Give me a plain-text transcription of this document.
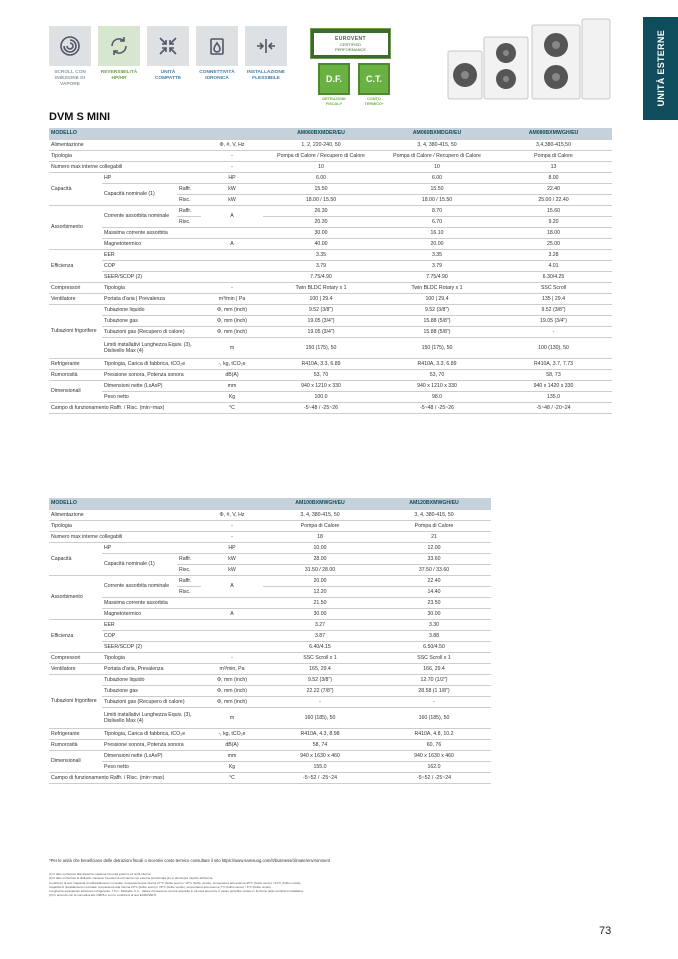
UNITÀ ESTERNE
SCROLL CON INIEZIONE DI VAPORE
REVERSIBILITÀ HP/HR
UNITÀ COMPATTE
CONNETTIVITÀ IDRONICA
INSTALLAZIONE FLESSIBILE
EUROVENT
CERTIFIED
PERFORMANCE
D.F.
DETRAZIONI FISCALI*
C.T.
CONTO TERMICO*
DVM S MINI
MODELLO				AM060BXMDER/EU	AM060BXMDGR/EU	AM080BXMWGH/EU
Alimentazione			Φ, #, V, Hz	1, 2, 220-240, 50	3, 4, 380-415, 50	3,4,380-415,50
Tipologia			-	Pompa di Calore / Recupero di Calore	Pompa di Calore / Recupero di Calore	Pompa di Calore
Numero max interne collegabili			-	10	10	13
Capacità	HP		HP	6.00	6.00	8.00
	Capacità nominale (1)	Raffr.	kW	15.50	15.50	22.40
		Risc.	kW	18.00 / 15.50	18.00 / 15.50	25.00 / 22.40
Assorbimento	Corrente assorbita nominale	Raffr.	A	26.30	8.70	15.60
		Risc.		20.30	6.70	9.20
	Massima corrente assorbita			30.00	16.10	18.00
	Magnetotermico		A	40.00	20.00	25.00
Efficienza	EER			3.35	3.35	3.28
	COP			3.79	3.79	4.01
	SEER/SCOP (2)			7.75/4.90	7.75/4.90	6.30/4.25
Compressori	Tipologia		-	Twin BLDC Rotary x 1	Twin BLDC Rotary x 1	SSC Scroll
Ventilatore	Portata d'aria | Prevalenza		m³/min | Pa	100 | 29.4	100 | 29.4	135 | 29.4
Tubazioni frigorifere	Tubazione liquido		Φ, mm (inch)	9.52 (3/8")	9.52 (3/8")	9.52 (3/8")
	Tubazione gas		Φ, mm (inch)	19.05 (3/4")	15.88 (5/8")	19.05 (3/4")
	Tubazioni gas (Recupero di calore)		Φ, mm (inch)	19.05 (3/4")	15.88 (5/8")	-
	Limiti installativi Lunghezza Equiv. (3), Dislivello Max (4)		m	150 (175), 50	150 (175), 50	100 (130), 50
Refrigerante	Tipologia, Carica di fabbrica, tCO₂e		-, kg, tCO₂e	R410A, 3.3, 6.89	R410A, 3.3, 6.89	R410A, 3.7, 7.73
Rumorosità	Pressione sonora, Potenza sonora		dB(A)	53, 70	53, 70	58, 73
Dimensionali	Dimensioni nette (LxAxP)		mm	940 x 1210 x 330	940 x 1210 x 330	940 x 1420 x 330
	Peso netto		Kg	100.0	98.0	135.0
Campo di funzionamento Raffr. / Risc. (min~max)			°C	-5~48 / -25~26	-5~48 / -25~26	-5~48 / -20~24
MODELLO				AM100BXMWGH/EU	AM120BXMWGH/EU
Alimentazione			Φ, #, V, Hz	3, 4, 380-415, 50	3, 4, 380-415, 50
Tipologia			-	Pompa di Calore	Pompa di Calore
Numero max interne collegabili			-	18	21
Capacità	HP		HP	10.00	12.00
	Capacità nominale (1)	Raffr.	kW	28.00	33.60
		Risc.	kW	31.50 / 28.00	37.50 / 33.60
Assorbimento	Corrente assorbita nominale	Raffr.	A	20.00	22.40
		Risc.		12.20	14.40
	Massima corrente assorbita			21.50	23.50
	Magnetotermico		A	30.00	30.00
Efficienza	EER			3.27	3.30
	COP			3.87	3.88
	SEER/SCOP (2)			6.40/4.15	6.50/4.50
Compressori	Tipologia		-	SSC Scroll x 1	SSC Scroll x 1
Ventilatore	Portata d'aria, Prevalenza		m³/min, Pa	165, 29.4	166, 29.4
Tubazioni frigorifere	Tubazione liquido		Φ, mm (inch)	9.52 (3/8")	12.70 (1/2")
	Tubazione gas		Φ, mm (inch)	22.22 (7/8")	28.58 (1 1/8")
	Tubazioni gas (Recupero di calore)		Φ, mm (inch)	-	-
	Limiti installativi Lunghezza Equiv. (3), Dislivello Max (4)		m	160 (185), 50	160 (185), 50
Refrigerante	Tipologia, Carica di fabbrica, tCO₂e		-, kg, tCO₂e	R410A, 4.3, 8.98	R410A, 4.8, 10.2
Rumorosità	Pressione sonora, Potenza sonora		dB(A)	58, 74	60, 76
Dimensionali	Dimensioni nette (LxAxP)		mm	940 x 1630 x 460	940 x 1630 x 460
	Peso netto		Kg	155.0	162.0
Campo di funzionamento Raffr. / Risc. (min~max)			°C	-5~52 / -25~24	-5~52 / -25~24
*Per le unità che beneficiano delle detrazioni fiscali o incentivi conto termico consultare il sito https://www.samsung.com/it/business/climate/environment
(1) Il dato si riferisce alla distanza massima tra unità esterna ed unità interna.
(2) Il dato si riferisce al dislivello massimo tra esterna ed interna con esterna posizionata più in alto/sopra rispetto all'interna.
Condizioni di test: Capacità di raffreddamento nominale: temperatura aria interna 27°C (bulbo secco) / 19°C (bulbo umido), temperatura aria esterna 35°C (bulbo secco) / 24°C (bulbo umido).
Capacità di riscaldamento nominale: temperatura aria interna 20°C (bulbo secco) / 15°C (bulbo umido), temperatura aria esterna 7°C (bulbo secco) / 6°C (bulbo umido).
Lunghezza equivalente tubazione refrigerante: 7,5 m, Dislivello: 0 m · Valore di pressione sonora acquisito in camera anecoica. Il valore potrebbe variare in funzione delle condizioni installative.
(3) In accordo con la normativa EN 14825 e con le condizioni di test EUROVENT.
73
